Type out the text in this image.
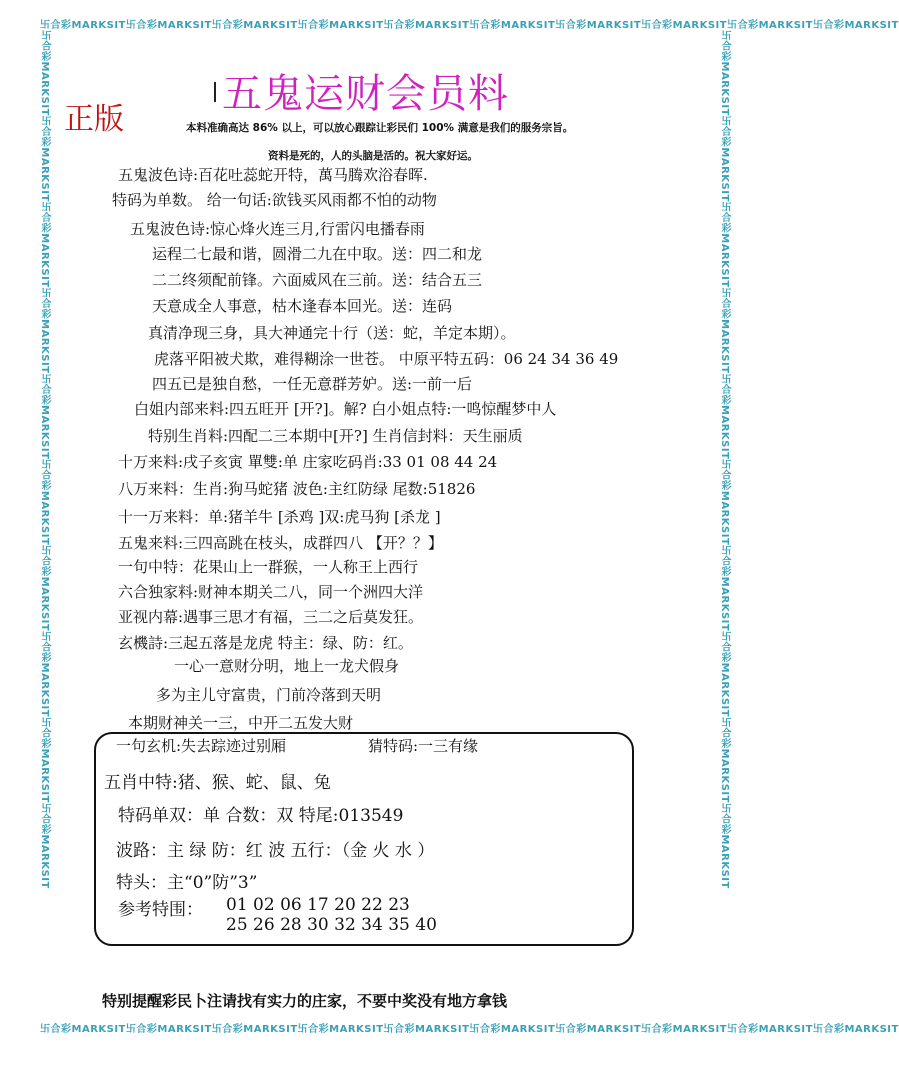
卐合彩MARKSIT卐合彩MARKSIT卐合彩MARKSIT卐合彩MARKSIT卐合彩MARKSIT卐合彩MARKSIT卐合彩MARKSIT卐合彩MARKSIT卐合彩MARKSIT卐合彩MARKSIT
卐合彩MARKSIT卐合彩MARKSIT卐合彩MARKSIT卐合彩MARKSIT卐合彩MARKSIT卐合彩MARKSIT卐合彩MARKSIT卐合彩MARKSIT卐合彩MARKSIT卐合彩MARKSIT
卐合彩MARKSIT卐合彩MARKSIT卐合彩MARKSIT卐合彩MARKSIT卐合彩MARKSIT卐合彩MARKSIT卐合彩MARKSIT卐合彩MARKSIT卐合彩MARKSIT卐合彩MARKSIT	卐合彩MARKSIT卐合彩MARKSIT卐合彩MARKSIT卐合彩MARKSIT卐合彩MARKSIT卐合彩MARKSIT卐合彩MARKSIT卐合彩MARKSIT卐合彩MARKSIT卐合彩MARKSIT
五鬼运财会员料
正版	本料准确高达 86% 以上，可以放心跟踪让彩民们 100% 满意是我们的服务宗旨。
资料是死的，人的头脑是活的。祝大家好运。
五鬼波色诗:百花吐蕊蛇开特，萬马腾欢浴春晖.
特码为单数。 给一句话:欲钱买风雨都不怕的动物
五鬼波色诗:惊心烽火连三月,行雷闪电播春雨
运程二七最和谐，圆滑二九在中取。送：四二和龙
二二终须配前锋。六面威风在三前。送：结合五三
天意成全人事意，枯木逢春本回光。送：连码
真清净现三身，具大神通完十行（送：蛇，羊定本期）。
虎落平阳被犬欺，难得糊涂一世苍。 中原平特五码：06 24 34 36 49
四五已是独自愁，一任无意群芳妒。送:一前一后
白姐内部来料:四五旺开 [开?]。解? 白小姐点特:一鸣惊醒梦中人
特别生肖料:四配二三本期中[开?] 生肖信封料：天生丽质
十万来料:戌子亥寅 單雙:单 庄家吃码肖:33 01 08 44 24
八万来料：生肖:狗马蛇猪 波色:主红防绿 尾数:51826
十一万来料：单:猪羊牛 [杀鸡 ]双:虎马狗 [杀龙 ]
五鬼来料:三四高跳在枝头，成群四八 【开？？】
一句中特：花果山上一群猴，一人称王上西行
六合独家料:财神本期关二八，同一个洲四大洋
亚视内幕:遇事三思才有福，三二之后莫发狂。
玄機詩:三起五落是龙虎 特主：绿、防：红。
一心一意财分明，地上一龙犬假身
多为主儿守富贵，门前冷落到天明
本期财神关一三，中开二五发大财
一句玄机:失去踪迹过别厢	猜特码:一三有缘
五肖中特:猪、猴、蛇、鼠、兔
特码单双：单 合数：双 特尾:013549
波路：主 绿 防：红 波 五行：（金 火 水 ）
特头：主“0”防”3”
参考特围： 01 02 06 17 20 22 23
25 26 28 30 32 34 35 40
特别提醒彩民卜注请找有实力的庄家，不要中奖没有地方拿钱
